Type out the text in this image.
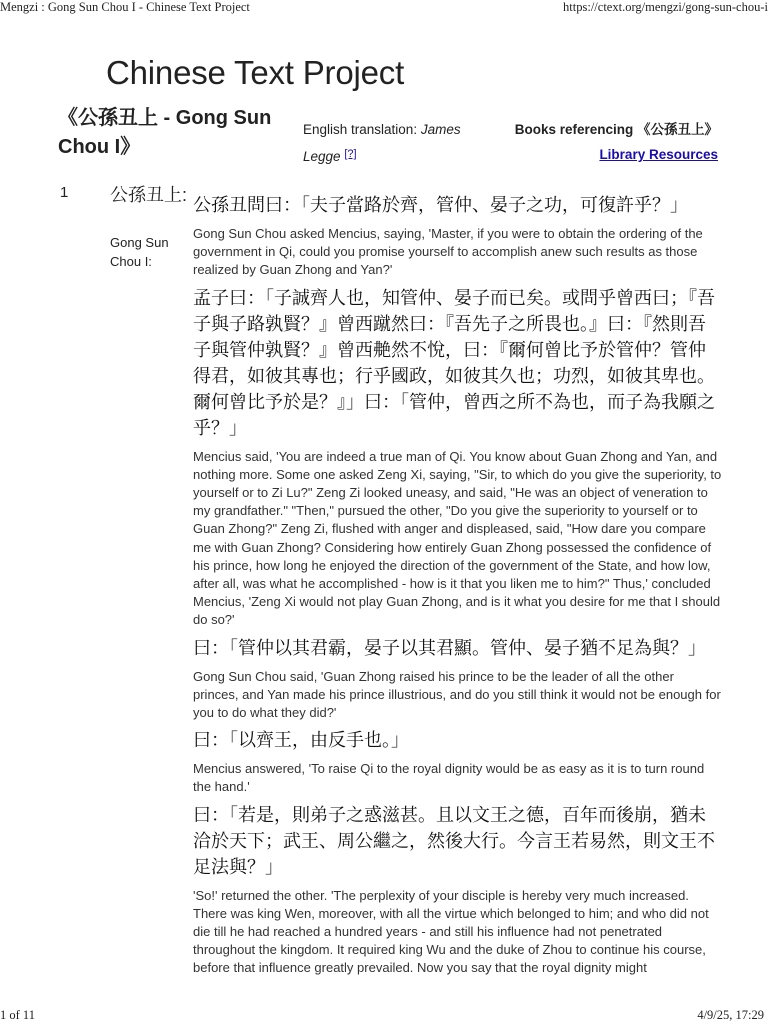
Mengzi : Gong Sun Chou I - Chinese Text Project	https://ctext.org/mengzi/gong-sun-chou-i
Chinese Text Project
《公孫丑上 - Gong Sun Chou I》
English translation: James Legge [?]
Books referencing 《公孫丑上》
Library Resources
1 公孫丑上:
Gong Sun Chou I:
公孫丑問曰：「夫子當路於齊，管仲、晏子之功，可復許乎？」
Gong Sun Chou asked Mencius, saying, 'Master, if you were to obtain the ordering of the government in Qi, could you promise yourself to accomplish anew such results as those realized by Guan Zhong and Yan?'
孟子曰：「子誠齊人也，知管仲、晏子而已矣。或問乎曾西曰；『吾子與子路孰賢？』曾西蹴然曰：『吾先子之所畏也。』曰：『然則吾子與管仲孰賢？』曾西艴然不悅，曰：『爾何曾比予於管仲？管仲得君，如彼其專也；行乎國政，如彼其久也；功烈，如彼其卑也。爾何曾比予於是？』」曰：「管仲，曾西之所不為也，而子為我願之乎？」
Mencius said, 'You are indeed a true man of Qi. You know about Guan Zhong and Yan, and nothing more. Some one asked Zeng Xi, saying, "Sir, to which do you give the superiority, to yourself or to Zi Lu?" Zeng Zi looked uneasy, and said, "He was an object of veneration to my grandfather." "Then," pursued the other, "Do you give the superiority to yourself or to Guan Zhong?" Zeng Zi, flushed with anger and displeased, said, "How dare you compare me with Guan Zhong? Considering how entirely Guan Zhong possessed the confidence of his prince, how long he enjoyed the direction of the government of the State, and how low, after all, was what he accomplished - how is it that you liken me to him?" Thus,' concluded Mencius, 'Zeng Xi would not play Guan Zhong, and is it what you desire for me that I should do so?'
曰：「管仲以其君霸，晏子以其君顯。管仲、晏子猶不足為與？」
Gong Sun Chou said, 'Guan Zhong raised his prince to be the leader of all the other princes, and Yan made his prince illustrious, and do you still think it would not be enough for you to do what they did?'
曰：「以齊王，由反手也。」
Mencius answered, 'To raise Qi to the royal dignity would be as easy as it is to turn round the hand.'
曰：「若是，則弟子之惑滋甚。且以文王之德，百年而後崩，猶未洽於天下；武王、周公繼之，然後大行。今言王若易然，則文王不足法與？」
'So!' returned the other. 'The perplexity of your disciple is hereby very much increased. There was king Wen, moreover, with all the virtue which belonged to him; and who did not die till he had reached a hundred years - and still his influence had not penetrated throughout the kingdom. It required king Wu and the duke of Zhou to continue his course, before that influence greatly prevailed. Now you say that the royal dignity might
1 of 11	4/9/25, 17:29
